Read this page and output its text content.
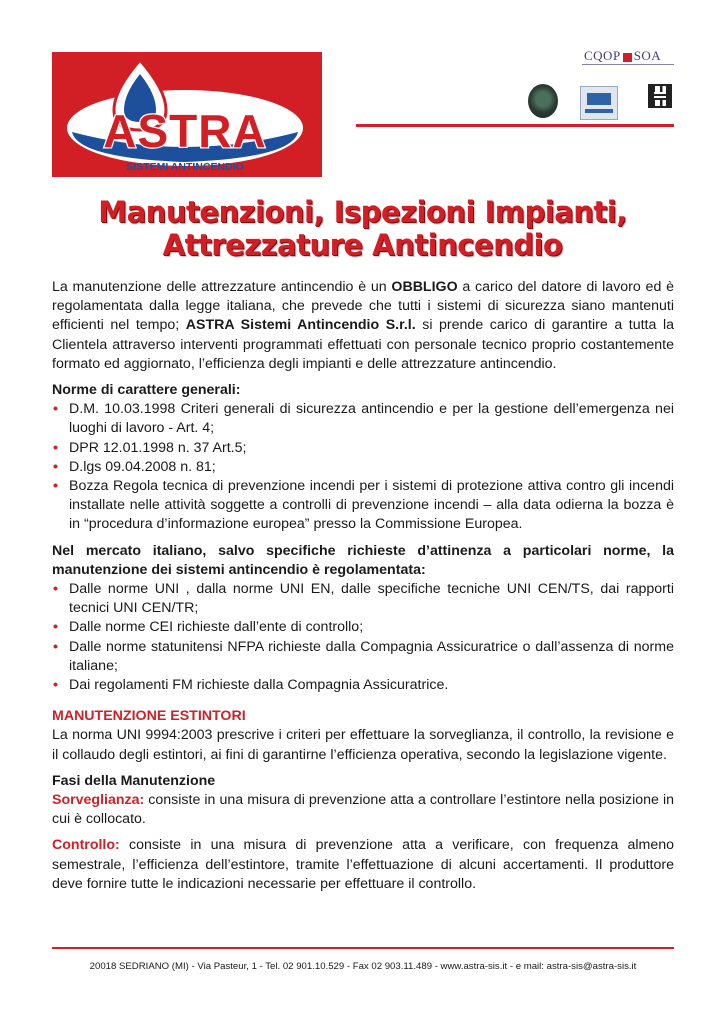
ASTRA
SISTEMI ANTINCENDIO
CQOP SOA
Manutenzioni, Ispezioni Impianti,
Attrezzature Antincendio

La manutenzione delle attrezzature antincendio è un OBBLIGO a carico del datore di lavoro ed è regolamentata dalla legge italiana, che prevede che tutti i sistemi di sicurezza siano mantenuti efficienti nel tempo; ASTRA Sistemi Antincendio S.r.l. si prende carico di garantire a tutta la Clientela attraverso interventi programmati effettuati con personale tecnico proprio costantemente formato ed aggiornato, l’efficienza degli impianti e delle attrezzature antincendio.

Norme di carattere generali:

• D.M. 10.03.1998 Criteri generali di sicurezza antincendio e per la gestione dell’emergenza nei luoghi di lavoro - Art. 4;
• DPR 12.01.1998 n. 37 Art.5;
• D.lgs 09.04.2008 n. 81;
• Bozza Regola tecnica di prevenzione incendi per i sistemi di protezione attiva contro gli incendi installate nelle attività soggette a controlli di prevenzione incendi – alla data odierna la bozza è in “procedura d’informazione europea” presso la Commissione Europea.

Nel mercato italiano, salvo specifiche richieste d’attinenza a particolari norme, la manutenzione dei sistemi antincendio è regolamentata:

• Dalle norme UNI , dalla norme UNI EN, dalle specifiche tecniche UNI CEN/TS, dai rapporti tecnici UNI CEN/TR;
• Dalle norme CEI richieste dall’ente di controllo;
• Dalle norme statunitensi NFPA richieste dalla Compagnia Assicuratrice o dall’assenza di norme italiane;
• Dai regolamenti FM richieste dalla Compagnia Assicuratrice.

MANUTENZIONE ESTINTORI

La norma UNI 9994:2003 prescrive i criteri per effettuare la sorveglianza, il controllo, la revisione e il collaudo degli estintori, ai fini di garantirne l’efficienza operativa, secondo la legislazione vigente.

Fasi della Manutenzione

Sorveglianza: consiste in una misura di prevenzione atta a controllare l’estintore nella posizione in cui è collocato.

Controllo: consiste in una misura di prevenzione atta a verificare, con frequenza almeno semestrale, l’efficienza dell’estintore, tramite l’effettuazione di alcuni accertamenti. Il produttore deve fornire tutte le indicazioni necessarie per effettuare il controllo.

20018 SEDRIANO (MI) - Via Pasteur, 1 - Tel. 02 901.10.529 - Fax 02 903.11.489 - www.astra-sis.it - e mail: astra-sis@astra-sis.it
